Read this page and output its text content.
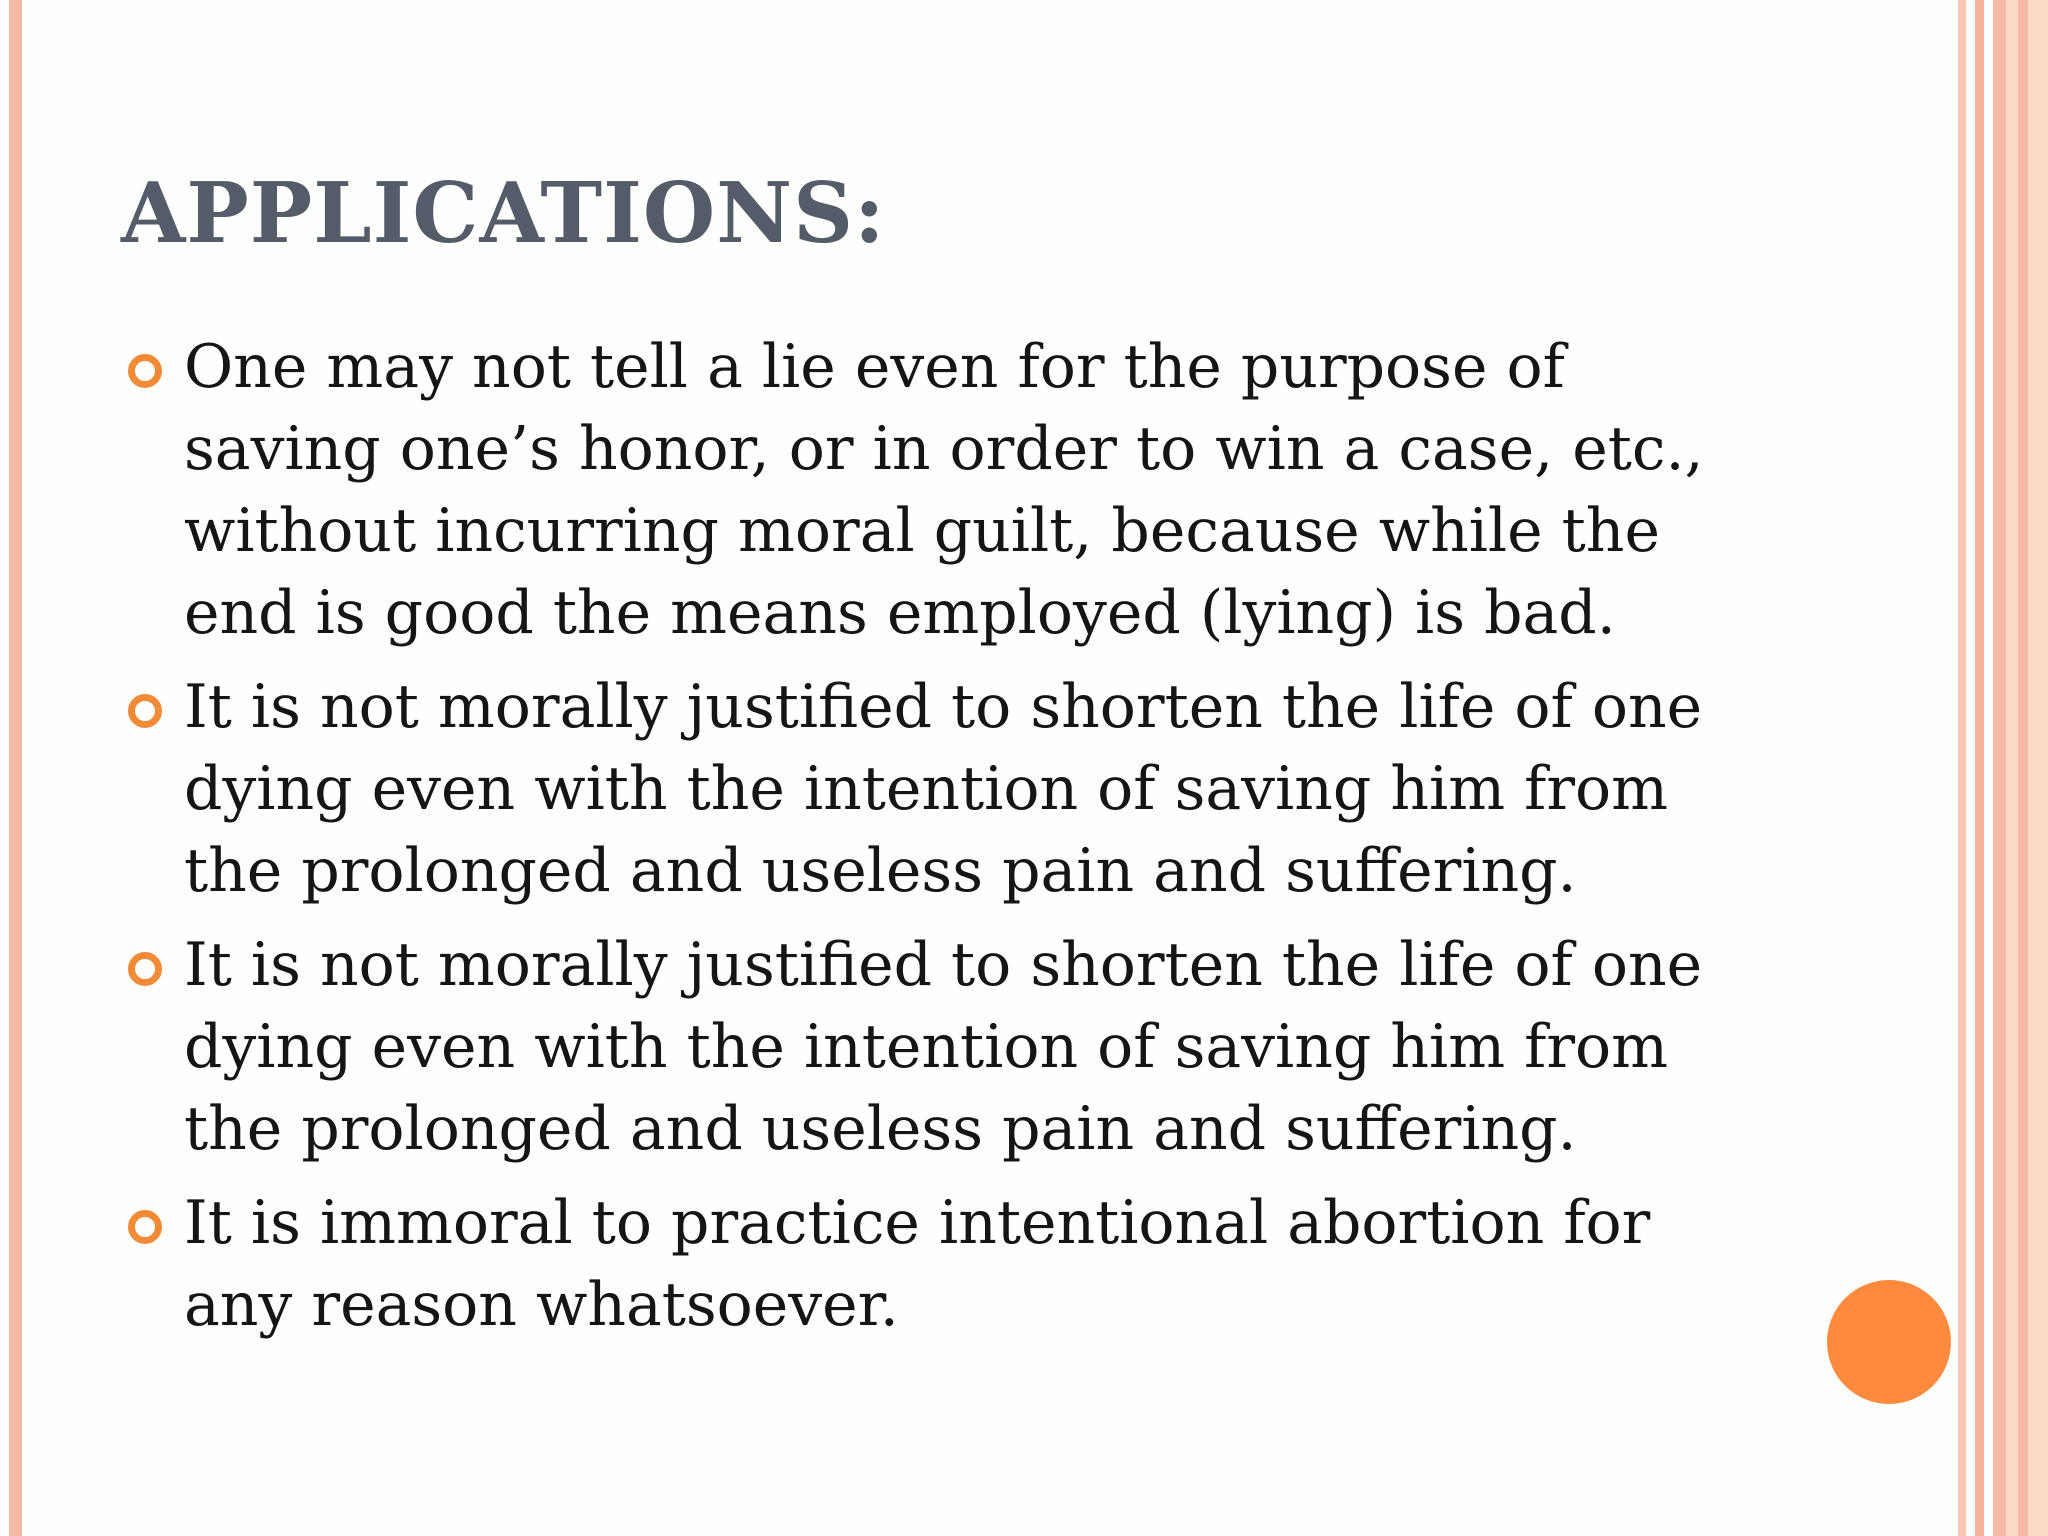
APPLICATIONS:
One may not tell a lie even for the purpose of saving one’s honor, or in order to win a case, etc., without incurring moral guilt, because while the end is good the means employed (lying) is bad.
It is not morally justified to shorten the life of one dying even with the intention of saving him from the prolonged and useless pain and suffering.
It is not morally justified to shorten the life of one dying even with the intention of saving him from the prolonged and useless pain and suffering.
It is immoral to practice intentional abortion for any reason whatsoever.
